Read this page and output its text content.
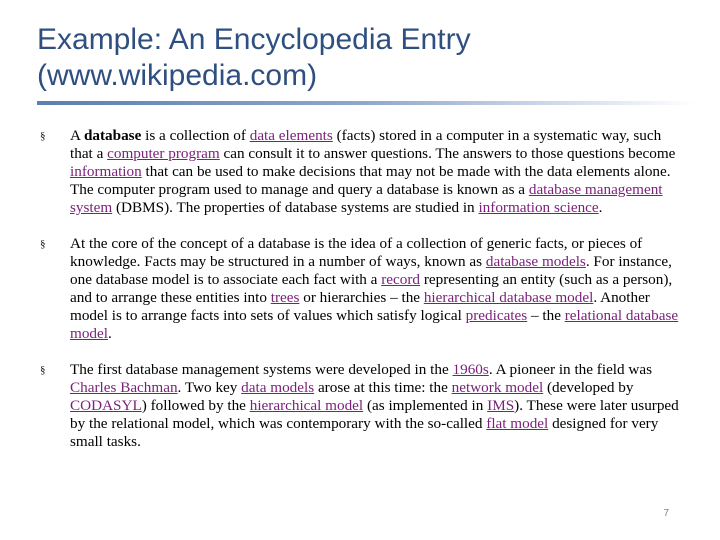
Example: An Encyclopedia Entry
(www.wikipedia.com)
§ A database is a collection of data elements (facts) stored in a computer in a systematic way, such that a computer program can consult it to answer questions. The answers to those questions become information that can be used to make decisions that may not be made with the data elements alone. The computer program used to manage and query a database is known as a database management system (DBMS). The properties of database systems are studied in information science.
§ At the core of the concept of a database is the idea of a collection of generic facts, or pieces of knowledge. Facts may be structured in a number of ways, known as database models. For instance, one database model is to associate each fact with a record representing an entity (such as a person), and to arrange these entities into trees or hierarchies – the hierarchical database model. Another model is to arrange facts into sets of values which satisfy logical predicates – the relational database model.
§ The first database management systems were developed in the 1960s. A pioneer in the field was Charles Bachman. Two key data models arose at this time: the network model (developed by CODASYL) followed by the hierarchical model (as implemented in IMS). These were later usurped by the relational model, which was contemporary with the so-called flat model designed for very small tasks.
7
